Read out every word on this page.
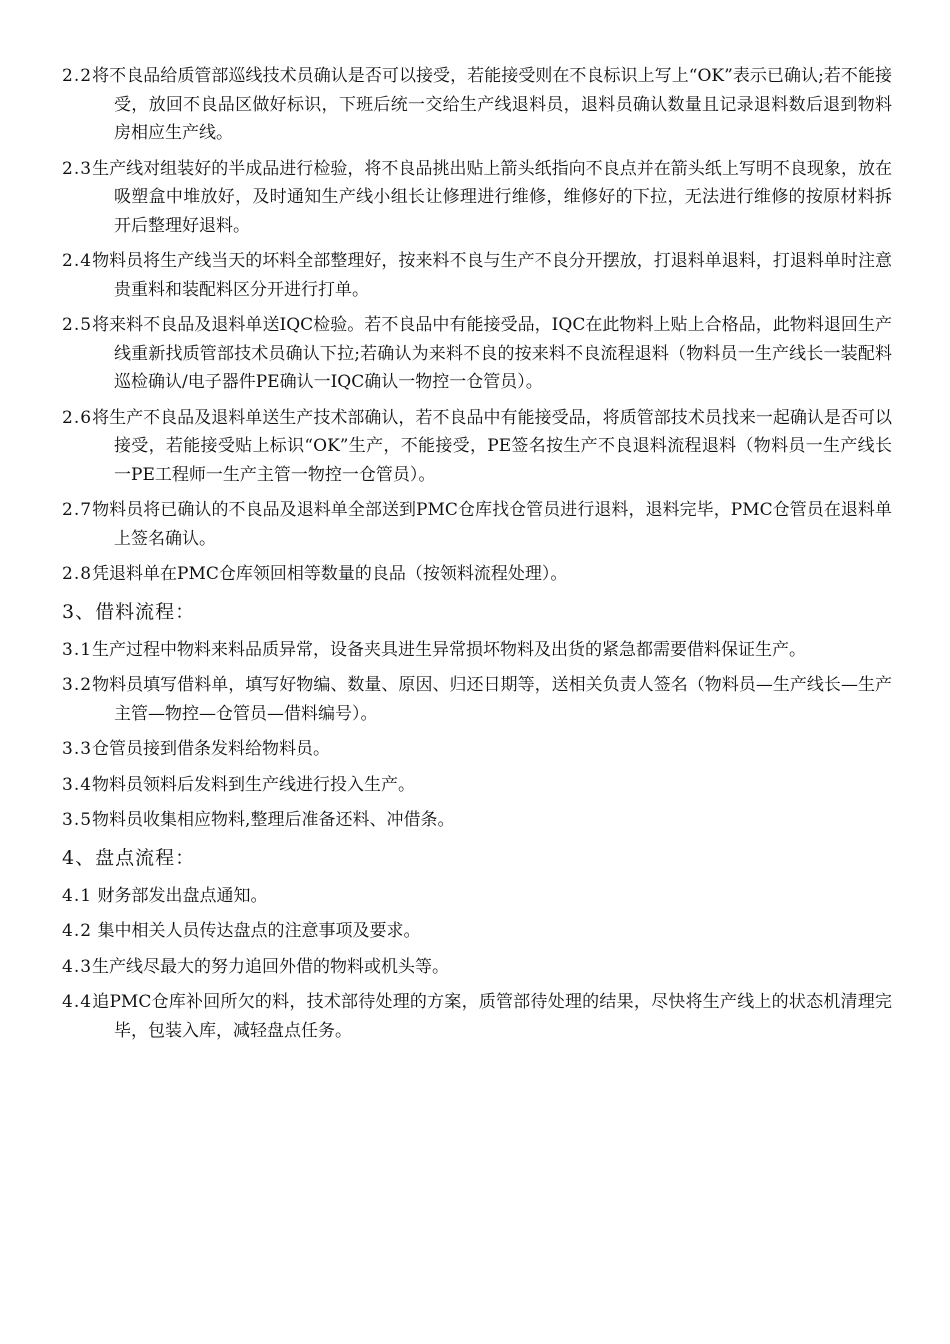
2.2将不良品给质管部巡线技术员确认是否可以接受，若能接受则在不良标识上写上“OK”表示已确认;若不能接受，放回不良品区做好标识，下班后统一交给生产线退料员，退料员确认数量且记录退料数后退到物料房相应生产线。
2.3生产线对组装好的半成品进行检验，将不良品挑出贴上箭头纸指向不良点并在箭头纸上写明不良现象，放在吸塑盒中堆放好，及时通知生产线小组长让修理进行维修，维修好的下拉，无法进行维修的按原材料拆开后整理好退料。
2.4物料员将生产线当天的坏料全部整理好，按来料不良与生产不良分开摆放，打退料单退料，打退料单时注意贵重料和装配料区分开进行打单。
2.5将来料不良品及退料单送IQC检验。若不良品中有能接受品，IQC在此物料上贴上合格品，此物料退回生产线重新找质管部技术员确认下拉;若确认为来料不良的按来料不良流程退料（物料员一生产线长一装配料巡检确认/电子器件PE确认一IQC确认一物控一仓管员）。
2.6将生产不良品及退料单送生产技术部确认，若不良品中有能接受品，将质管部技术员找来一起确认是否可以接受，若能接受贴上标识“OK”生产，不能接受，PE签名按生产不良退料流程退料（物料员一生产线长一PE工程师一生产主管一物控一仓管员）。
2.7物料员将已确认的不良品及退料单全部送到PMC仓库找仓管员进行退料，退料完毕，PMC仓管员在退料单上签名确认。
2.8凭退料单在PMC仓库领回相等数量的良品（按领料流程处理）。
3、借料流程：
3.1生产过程中物料来料品质异常，设备夹具进生异常损坏物料及出货的紧急都需要借料保证生产。
3.2物料员填写借料单，填写好物编、数量、原因、归还日期等，送相关负责人签名（物料员—生产线长—生产主管—物控—仓管员—借料编号）。
3.3仓管员接到借条发料给物料员。
3.4物料员领料后发料到生产线进行投入生产。
3.5物料员收集相应物料,整理后准备还料、冲借条。
4、盘点流程：
4.1 财务部发出盘点通知。
4.2 集中相关人员传达盘点的注意事项及要求。
4.3生产线尽最大的努力追回外借的物料或机头等。
4.4追PMC仓库补回所欠的料，技术部待处理的方案，质管部待处理的结果，尽快将生产线上的状态机清理完毕，包装入库，减轻盘点任务。
